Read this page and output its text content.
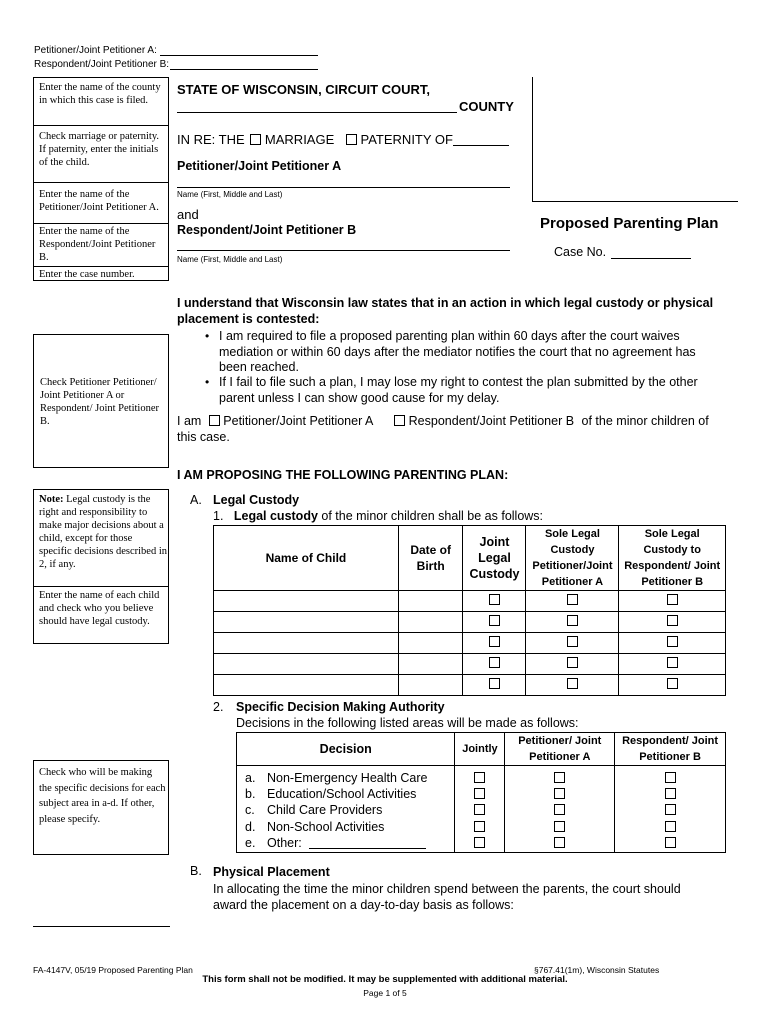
Petitioner/Joint Petitioner A:
Respondent/Joint Petitioner B:
Enter the name of the county in which this case is filed.
Check marriage or paternity. If paternity, enter the initials of the child.
Enter the name of the Petitioner/Joint Petitioner A.
Enter the name of the Respondent/Joint Petitioner B.
Enter the case number.
STATE OF WISCONSIN, CIRCUIT COURT,
COUNTY
IN RE: THE MARRIAGE PATERNITY OF
Petitioner/Joint Petitioner A
Name (First, Middle and Last)
and
Respondent/Joint Petitioner B
Name (First, Middle and Last)
Proposed Parenting Plan
Case No.
I understand that Wisconsin law states that in an action in which legal custody or physical placement is contested:
• I am required to file a proposed parenting plan within 60 days after the court waives mediation or within 60 days after the mediator notifies the court that no agreement has been reached.
• If I fail to file such a plan, I may lose my right to contest the plan submitted by the other parent unless I can show good cause for my delay.
Check Petitioner Petitioner/ Joint Petitioner A or Respondent/ Joint Petitioner B.	I am Petitioner/Joint Petitioner A	Respondent/Joint Petitioner B of the minor children of
this case.
I AM PROPOSING THE FOLLOWING PARENTING PLAN:
Note: Legal custody is the right and responsibility to make major decisions about a child, except for those specific decisions described in 2, if any.
Enter the name of each child and check who you believe should have legal custody.
A. Legal Custody
1. Legal custody of the minor children shall be as follows:
Name of Child	Date of Birth	Joint Legal Custody	Sole Legal Custody Petitioner/Joint Petitioner A	Sole Legal Custody to Respondent/ Joint Petitioner B

2. Specific Decision Making Authority
Decisions in the following listed areas will be made as follows:
Decision	Jointly	Petitioner/ Joint Petitioner A	Respondent/ Joint Petitioner B

a. Non-Emergency Health Care
b. Education/School Activities
c. Child Care Providers
d. Non-School Activities
e. Other:			

Check who will be making the specific decisions for each subject area in a-d. If other, please specify.
B. Physical Placement
In allocating the time the minor children spend between the parents, the court should award the placement on a day-to-day basis as follows:
FA-4147V, 05/19 Proposed Parenting Plan	§767.41(1m), Wisconsin Statutes
This form shall not be modified. It may be supplemented with additional material.
Page 1 of 5
